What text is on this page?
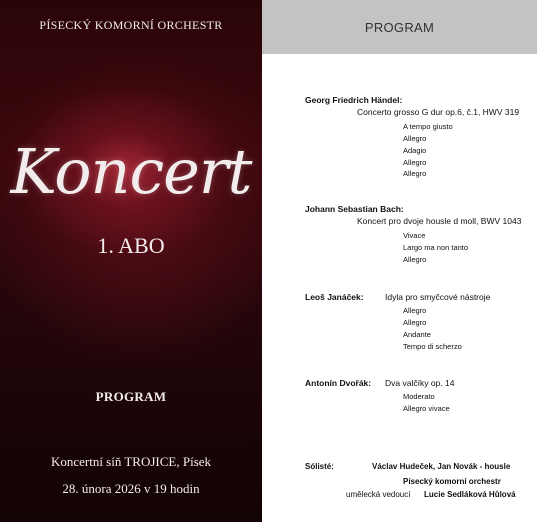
PÍSECKÝ KOMORNÍ ORCHESTR
Koncert
1. ABO
PROGRAM
Koncertní síň TROJICE, Písek
28. února 2026 v 19 hodin
PROGRAM
Georg Friedrich Händel:
Concerto grosso G dur op.6, č.1, HWV 319
A tempo giusto
Allegro
Adagio
Allegro
Allegro
Johann Sebastian Bach:
Koncert pro dvoje housle d moll, BWV 1043
Vivace
Largo ma non tanto
Allegro
Leoš Janáček:	Idyla pro smyčcové nástroje
Allegro
Allegro
Andante
Tempo di scherzo
Antonín Dvořák: Dva valčíky op. 14
Moderato
Allegro vivace
Sólisté:	Václav Hudeček, Jan Novák - housle
Písecký komorní orchestr
umělecká vedoucí Lucie Sedláková Hůlová
